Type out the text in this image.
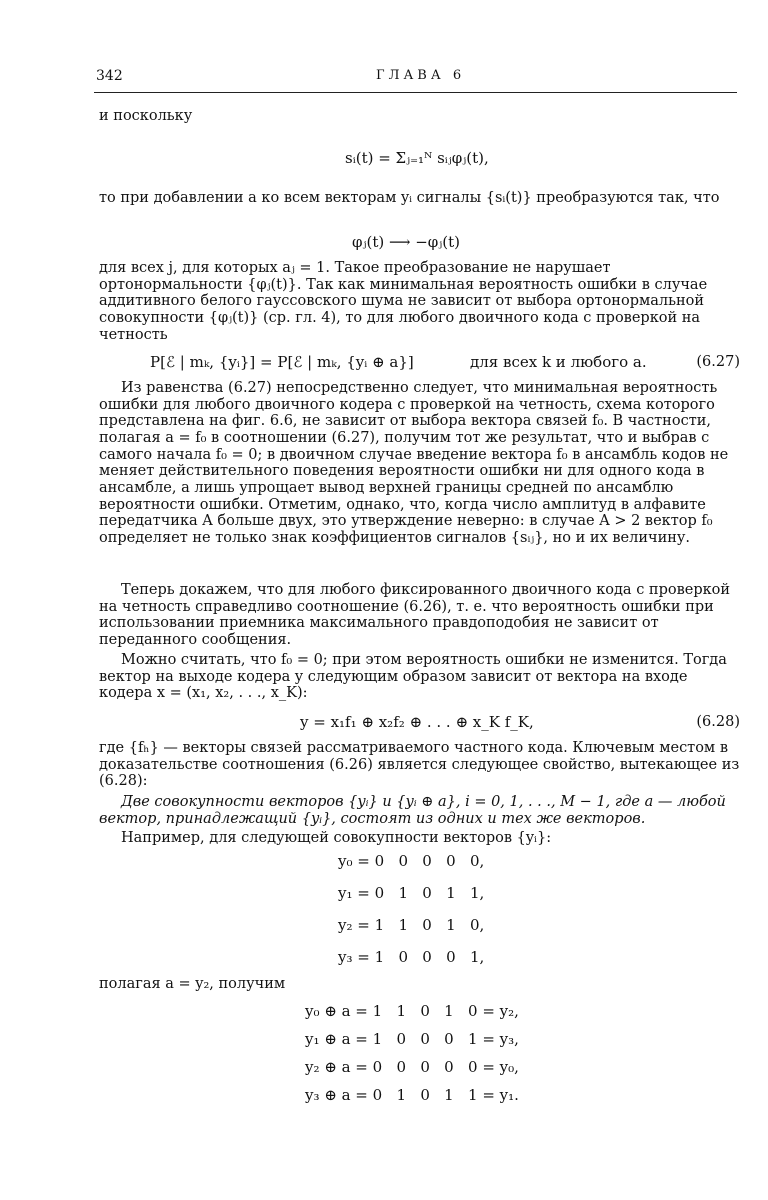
342	ГЛАВА 6
и поскольку
sᵢ(t) = Σⱼ₌₁ᴺ sᵢⱼφⱼ(t),
то при добавлении a ко всем векторам yᵢ сигналы {sᵢ(t)} преобразуются так, что
φⱼ(t) ⟶ −φⱼ(t)
для всех j, для которых aⱼ = 1. Такое преобразование не нарушает ортонормальности {φⱼ(t)}. Так как минимальная вероятность ошибки в случае аддитивного белого гауссовского шума не зависит от выбора ортонормальной совокупности {φⱼ(t)} (ср. гл. 4), то для любого двоичного кода с проверкой на четность
P[ℰ | mₖ, {yᵢ}] = P[ℰ | mₖ, {yᵢ ⊕ a}]	для всех k и любого a.	(6.27)
Из равенства (6.27) непосредственно следует, что минимальная вероятность ошибки для любого двоичного кодера с проверкой на четность, схема которого представлена на фиг. 6.6, не зависит от выбора вектора связей f₀. В частности, полагая a = f₀ в соотношении (6.27), получим тот же результат, что и выбрав с самого начала f₀ = 0; в двоичном случае введение вектора f₀ в ансамбль кодов не меняет действительного поведения вероятности ошибки ни для одного кода в ансамбле, а лишь упрощает вывод верхней границы средней по ансамблю вероятности ошибки. Отметим, однако, что, когда число амплитуд в алфавите передатчика A больше двух, это утверждение неверно: в случае A > 2 вектор f₀ определяет не только знак коэффициентов сигналов {sᵢⱼ}, но и их величину.
Теперь докажем, что для любого фиксированного двоичного кода с проверкой на четность справедливо соотношение (6.26), т. е. что вероятность ошибки при использовании приемника максимального правдоподобия не зависит от переданного сообщения.
Можно считать, что f₀ = 0; при этом вероятность ошибки не изменится. Тогда вектор на выходе кодера y следующим образом зависит от вектора на входе кодера x = (x₁, x₂, . . ., x_K):
y = x₁f₁ ⊕ x₂f₂ ⊕ . . . ⊕ x_K f_K,	(6.28)
где {fₕ} — векторы связей рассматриваемого частного кода. Ключевым местом в доказательстве соотношения (6.26) является следующее свойство, вытекающее из (6.28):
Две совокупности векторов {yᵢ} и {yᵢ ⊕ a}, i = 0, 1, . . ., M − 1, где a — любой вектор, принадлежащий {yᵢ}, состоят из одних и тех же векторов.
Например, для следующей совокупности векторов {yᵢ}:
y₀ = 0   0   0   0   0,
y₁ = 0   1   0   1   1,
y₂ = 1   1   0   1   0,
y₃ = 1   0   0   0   1,
полагая a = y₂, получим
y₀ ⊕ a = 1   1   0   1   0 = y₂,
y₁ ⊕ a = 1   0   0   0   1 = y₃,
y₂ ⊕ a = 0   0   0   0   0 = y₀,
y₃ ⊕ a = 0   1   0   1   1 = y₁.
